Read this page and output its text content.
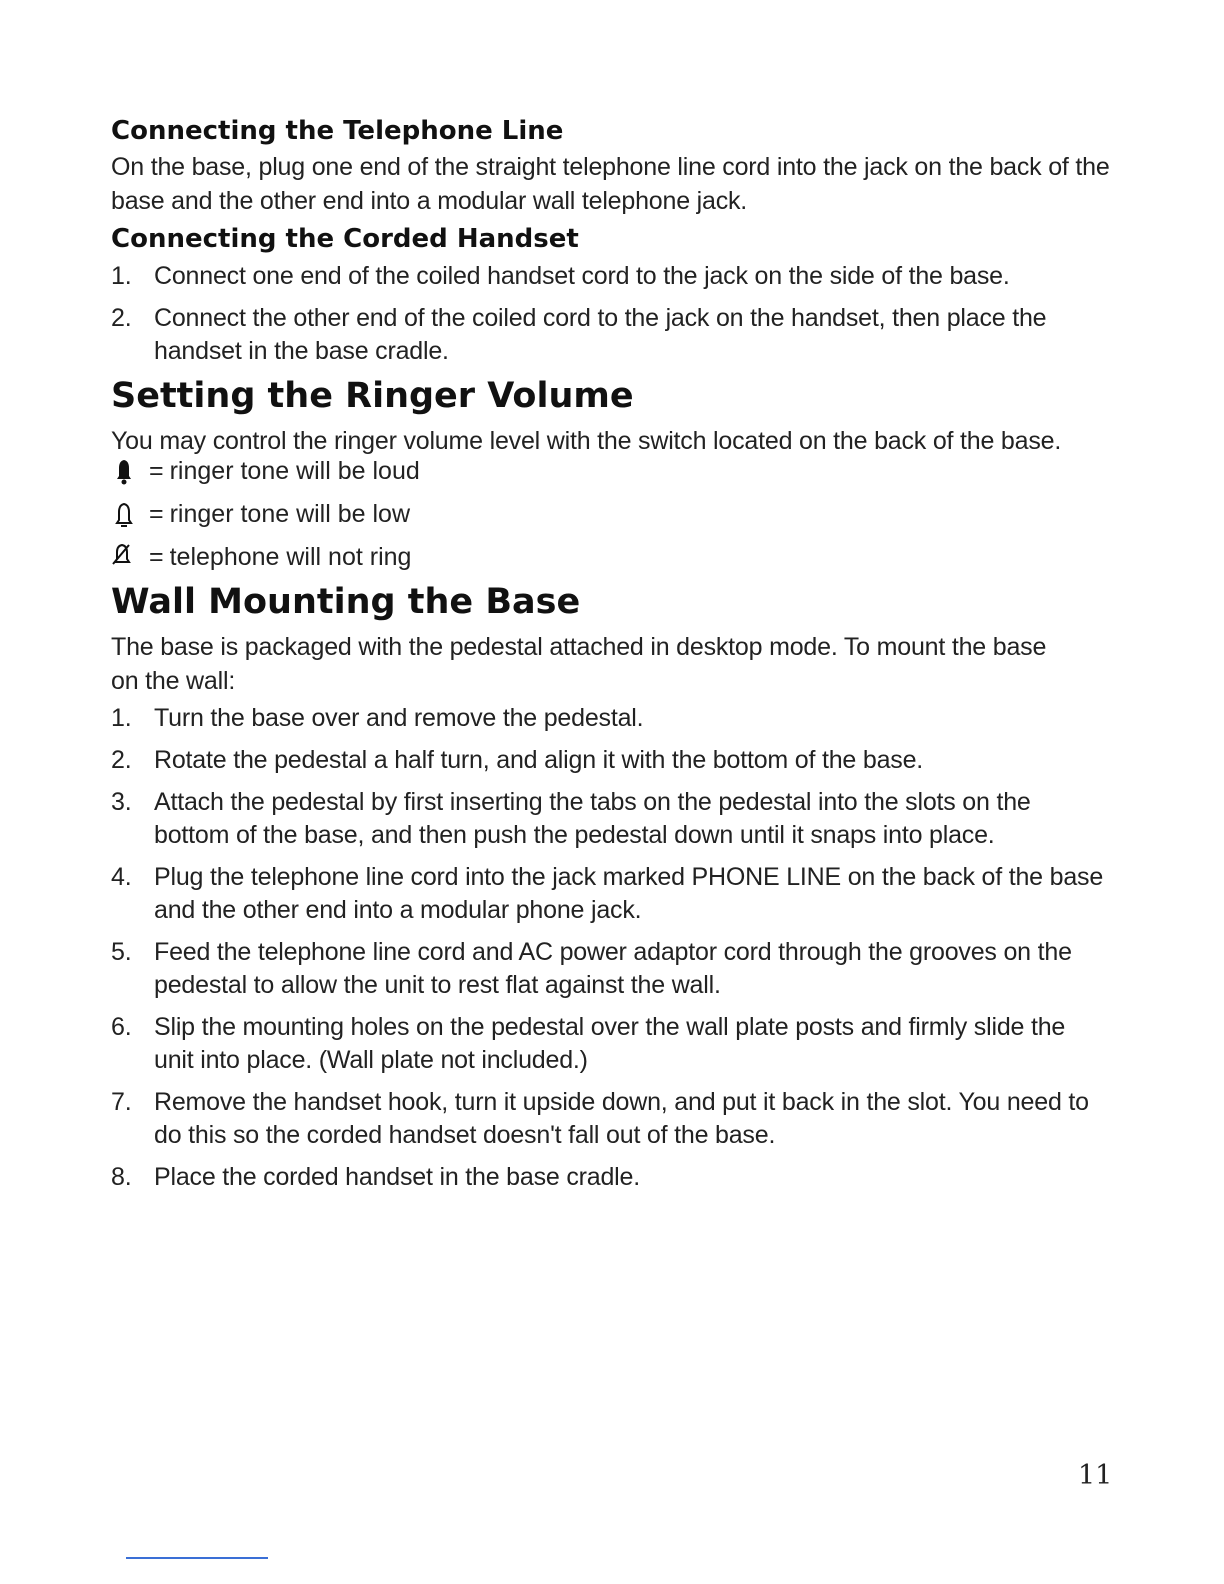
Connecting the Telephone Line

On the base, plug one end of the straight telephone line cord into the jack on the back of the base and the other end into a modular wall telephone jack.

Connecting the Corded Handset
1. Connect one end of the coiled handset cord to the jack on the side of the base.
2. Connect the other end of the coiled cord to the jack on the handset, then place the handset in the base cradle.
Setting the Ringer Volume

You may control the ringer volume level with the switch located on the back of the base.

= ringer tone will be loud
= ringer tone will be low
= telephone will not ring
Wall Mounting the Base

The base is packaged with the pedestal attached in desktop mode. To mount the base on the wall:

1. Turn the base over and remove the pedestal.
2. Rotate the pedestal a half turn, and align it with the bottom of the base.
3. Attach the pedestal by first inserting the tabs on the pedestal into the slots on the bottom of the base, and then push the pedestal down until it snaps into place.
4. Plug the telephone line cord into the jack marked PHONE LINE on the back of the base and the other end into a modular phone jack.
5. Feed the telephone line cord and AC power adaptor cord through the grooves on the pedestal to allow the unit to rest flat against the wall.
6. Slip the mounting holes on the pedestal over the wall plate posts and firmly slide the unit into place. (Wall plate not included.)
7. Remove the handset hook, turn it upside down, and put it back in the slot. You need to do this so the corded handset doesn't fall out of the base.
8. Place the corded handset in the base cradle.
11
